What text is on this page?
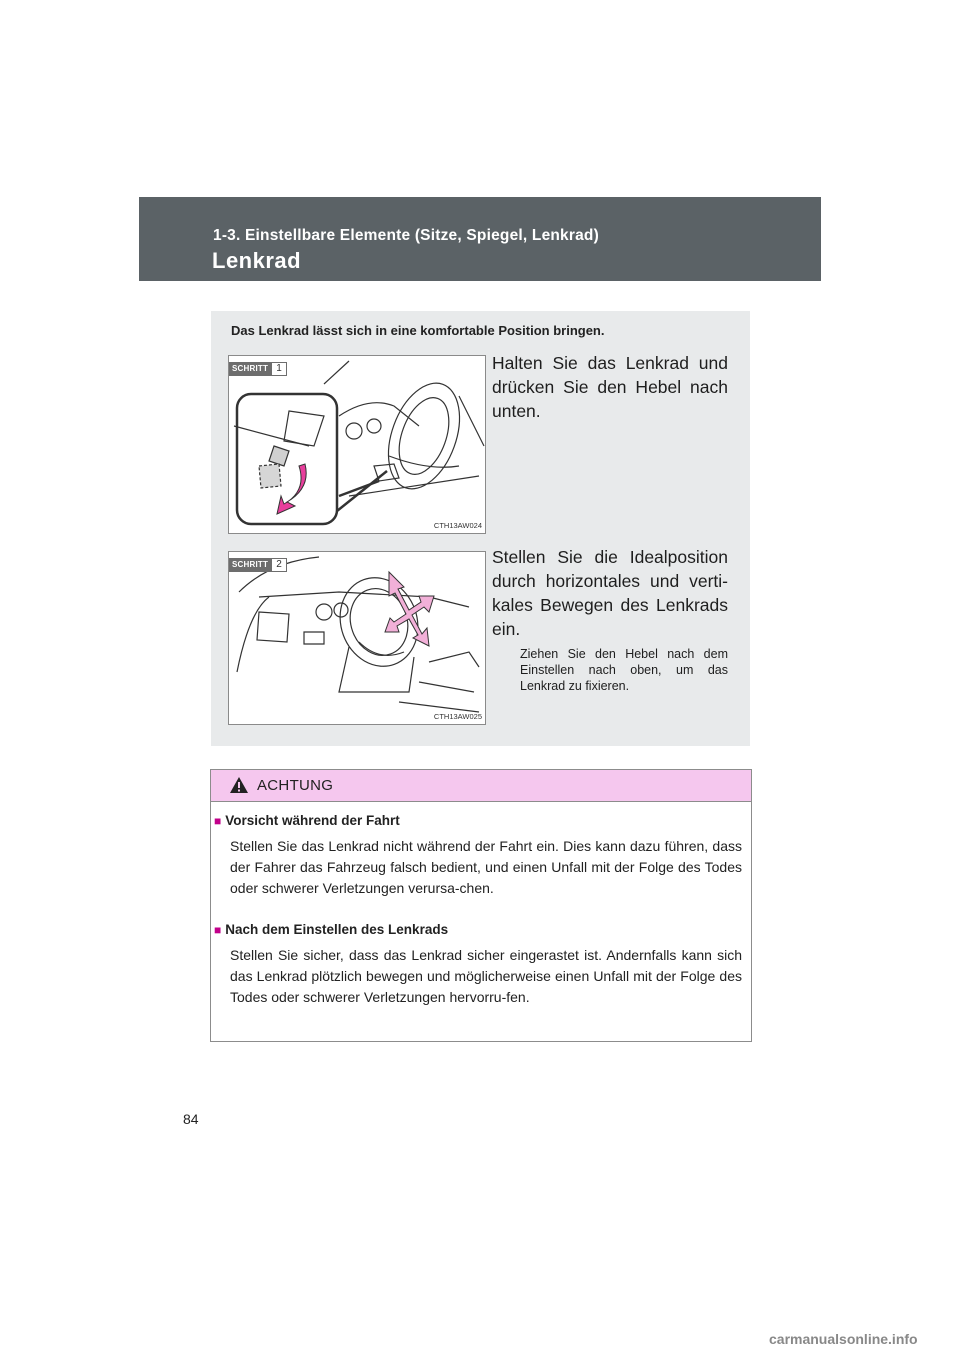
1-3. Einstellbare Elemente (Sitze, Spiegel, Lenkrad)
Lenkrad
Das Lenkrad lässt sich in eine komfortable Position bringen.
SCHRITT 1
CTH13AW024
Halten Sie das Lenkrad und drücken Sie den Hebel nach unten.
SCHRITT 2
CTH13AW025
Stellen Sie die Idealposition durch horizontales und verti-kales Bewegen des Lenkrads ein.
Ziehen Sie den Hebel nach dem Einstellen nach oben, um das Lenkrad zu fixieren.
ACHTUNG
■ Vorsicht während der Fahrt
Stellen Sie das Lenkrad nicht während der Fahrt ein. Dies kann dazu führen, dass der Fahrer das Fahrzeug falsch bedient, und einen Unfall mit der Folge des Todes oder schwerer Verletzungen verursa-chen.
■ Nach dem Einstellen des Lenkrads
Stellen Sie sicher, dass das Lenkrad sicher eingerastet ist. Andernfalls kann sich das Lenkrad plötzlich bewegen und möglicherweise einen Unfall mit der Folge des Todes oder schwerer Verletzungen hervorru-fen.
84
carmanualsonline.info
